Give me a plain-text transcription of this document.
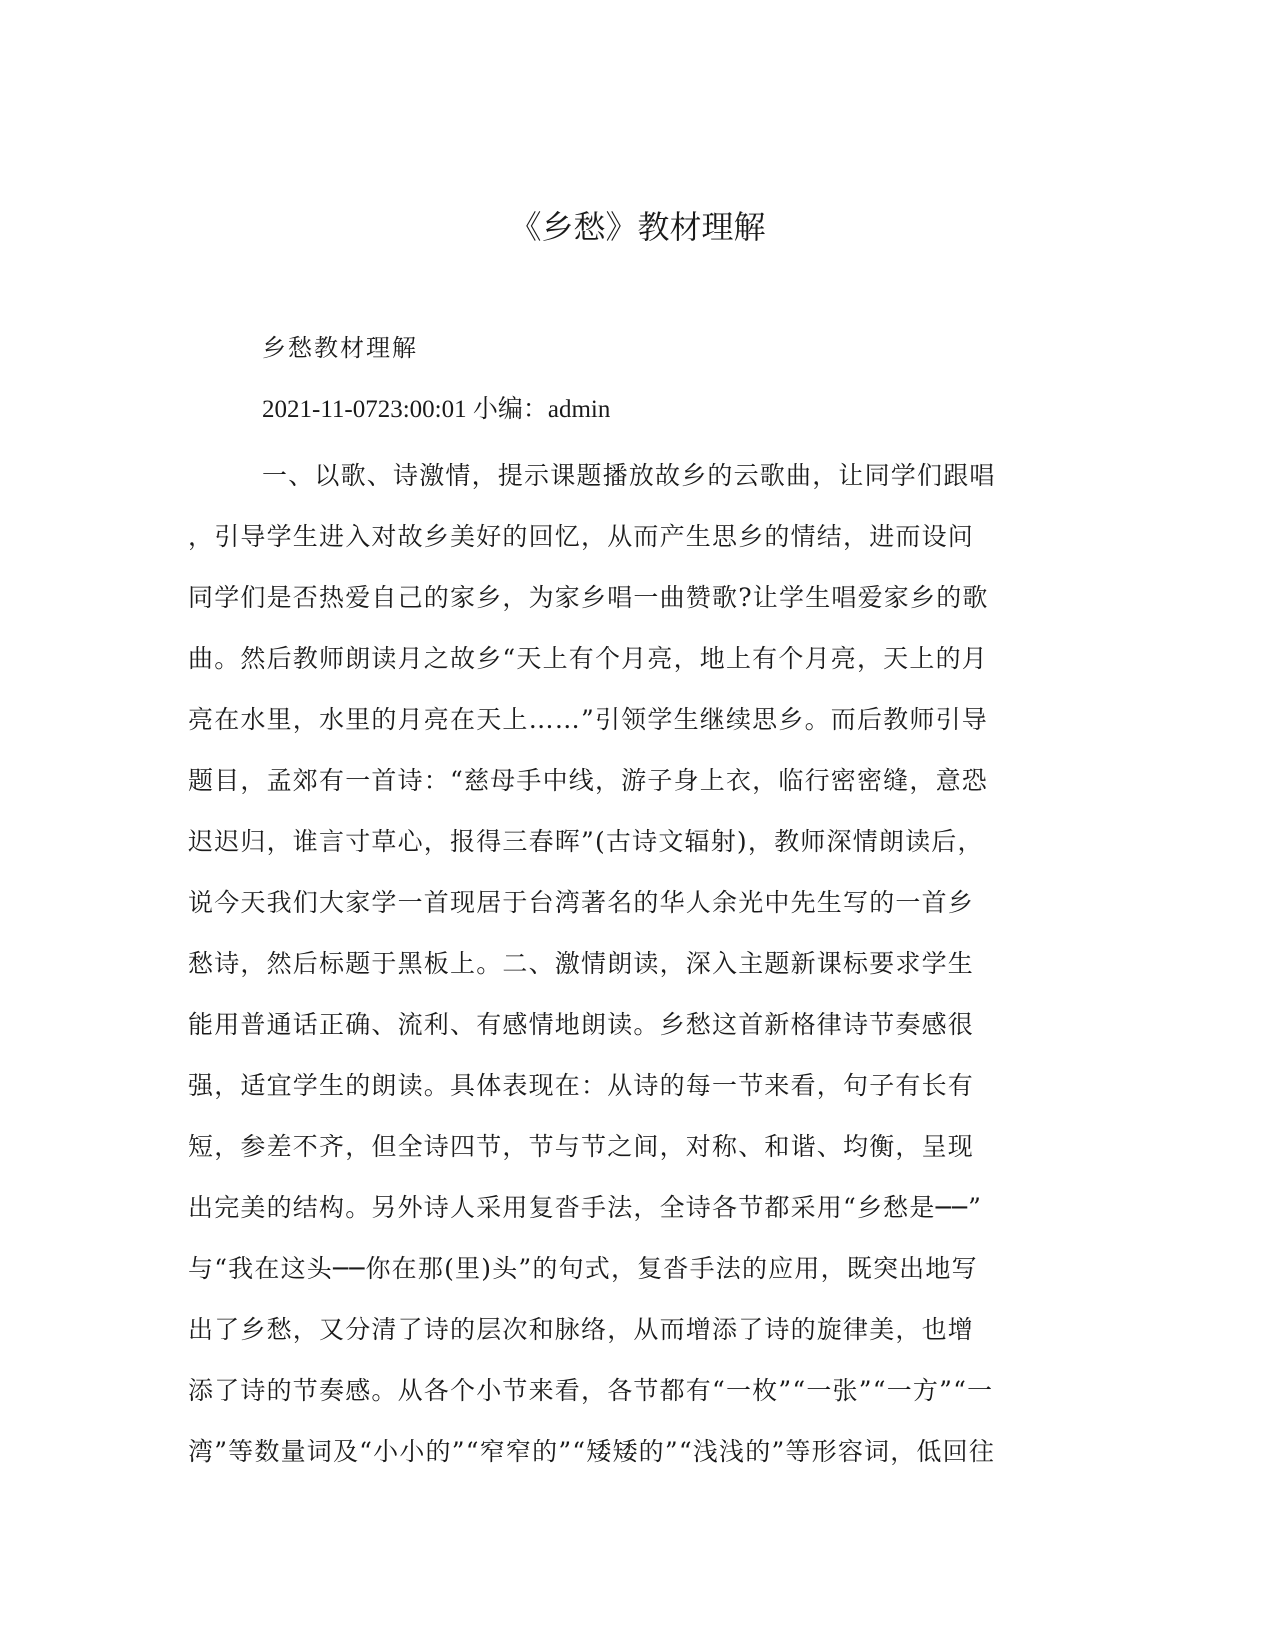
《乡愁》教材理解

乡愁教材理解

2021-11-0723:00:01 小编：admin

一、以歌、诗激情，提示课题播放故乡的云歌曲，让同学们跟唱
，引导学生进入对故乡美好的回忆，从而产生思乡的情结，进而设问
同学们是否热爱自己的家乡，为家乡唱一曲赞歌?让学生唱爱家乡的歌
曲。然后教师朗读月之故乡“天上有个月亮，地上有个月亮，天上的月
亮在水里，水里的月亮在天上……”引领学生继续思乡。而后教师引导
题目，孟郊有一首诗：“慈母手中线，游子身上衣，临行密密缝，意恐
迟迟归，谁言寸草心，报得三春晖”(古诗文辐射)，教师深情朗读后，
说今天我们大家学一首现居于台湾著名的华人余光中先生写的一首乡
愁诗，然后标题于黑板上。二、激情朗读，深入主题新课标要求学生
能用普通话正确、流利、有感情地朗读。乡愁这首新格律诗节奏感很
强，适宜学生的朗读。具体表现在：从诗的每一节来看，句子有长有
短，参差不齐，但全诗四节，节与节之间，对称、和谐、均衡，呈现
出完美的结构。另外诗人采用复沓手法，全诗各节都采用“乡愁是──”
与“我在这头──你在那(里)头”的句式，复沓手法的应用，既突出地写
出了乡愁，又分清了诗的层次和脉络，从而增添了诗的旋律美，也增
添了诗的节奏感。从各个小节来看，各节都有“一枚”“一张”“一方”“一
湾”等数量词及“小小的”“窄窄的”“矮矮的”“浅浅的”等形容词，低回往
